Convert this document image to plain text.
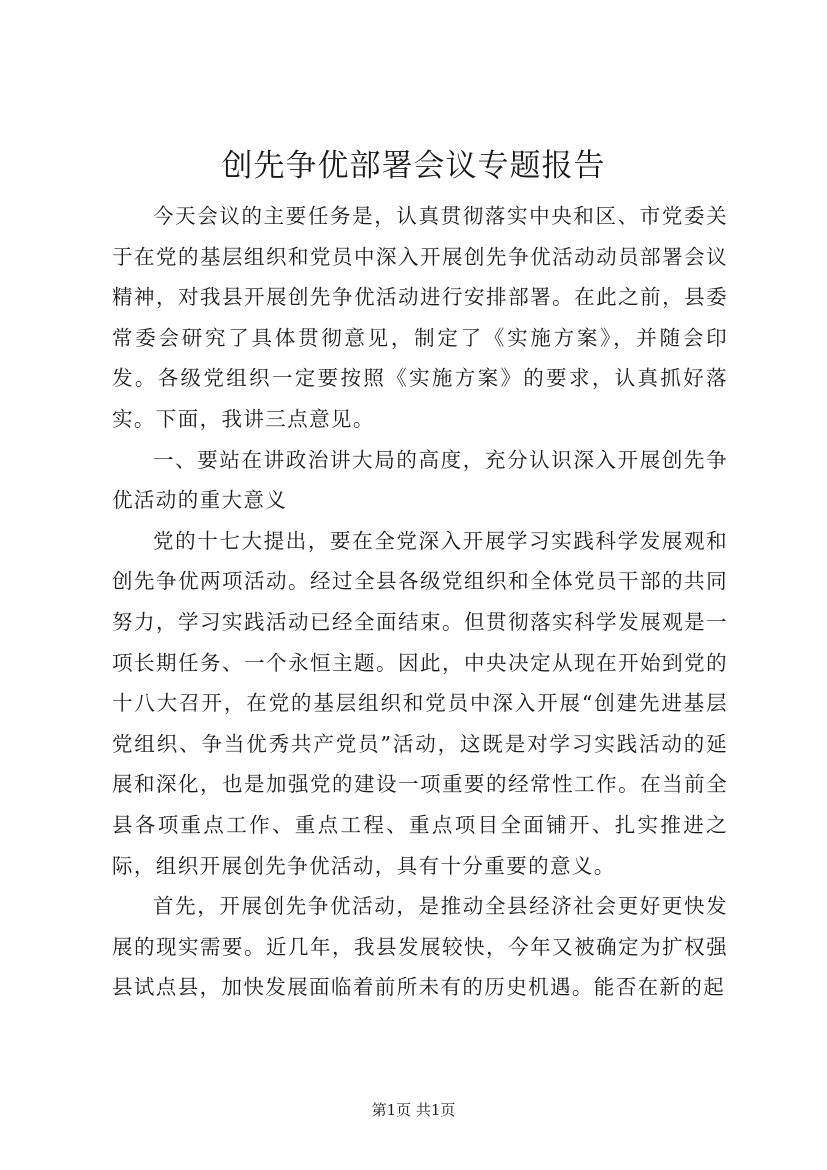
创先争优部署会议专题报告

今天会议的主要任务是，认真贯彻落实中央和区、市党委关于在党的基层组织和党员中深入开展创先争优活动动员部署会议精神，对我县开展创先争优活动进行安排部署。在此之前，县委常委会研究了具体贯彻意见，制定了《实施方案》，并随会印发。各级党组织一定要按照《实施方案》的要求，认真抓好落实。下面，我讲三点意见。

一、要站在讲政治讲大局的高度，充分认识深入开展创先争优活动的重大意义

党的十七大提出，要在全党深入开展学习实践科学发展观和创先争优两项活动。经过全县各级党组织和全体党员干部的共同努力，学习实践活动已经全面结束。但贯彻落实科学发展观是一项长期任务、一个永恒主题。因此，中央决定从现在开始到党的十八大召开，在党的基层组织和党员中深入开展“创建先进基层党组织、争当优秀共产党员”活动，这既是对学习实践活动的延展和深化，也是加强党的建设一项重要的经常性工作。在当前全县各项重点工作、重点工程、重点项目全面铺开、扎实推进之际，组织开展创先争优活动，具有十分重要的意义。

首先，开展创先争优活动，是推动全县经济社会更好更快发展的现实需要。近几年，我县发展较快，今年又被确定为扩权强县试点县，加快发展面临着前所未有的历史机遇。能否在新的起

第1页 共1页
